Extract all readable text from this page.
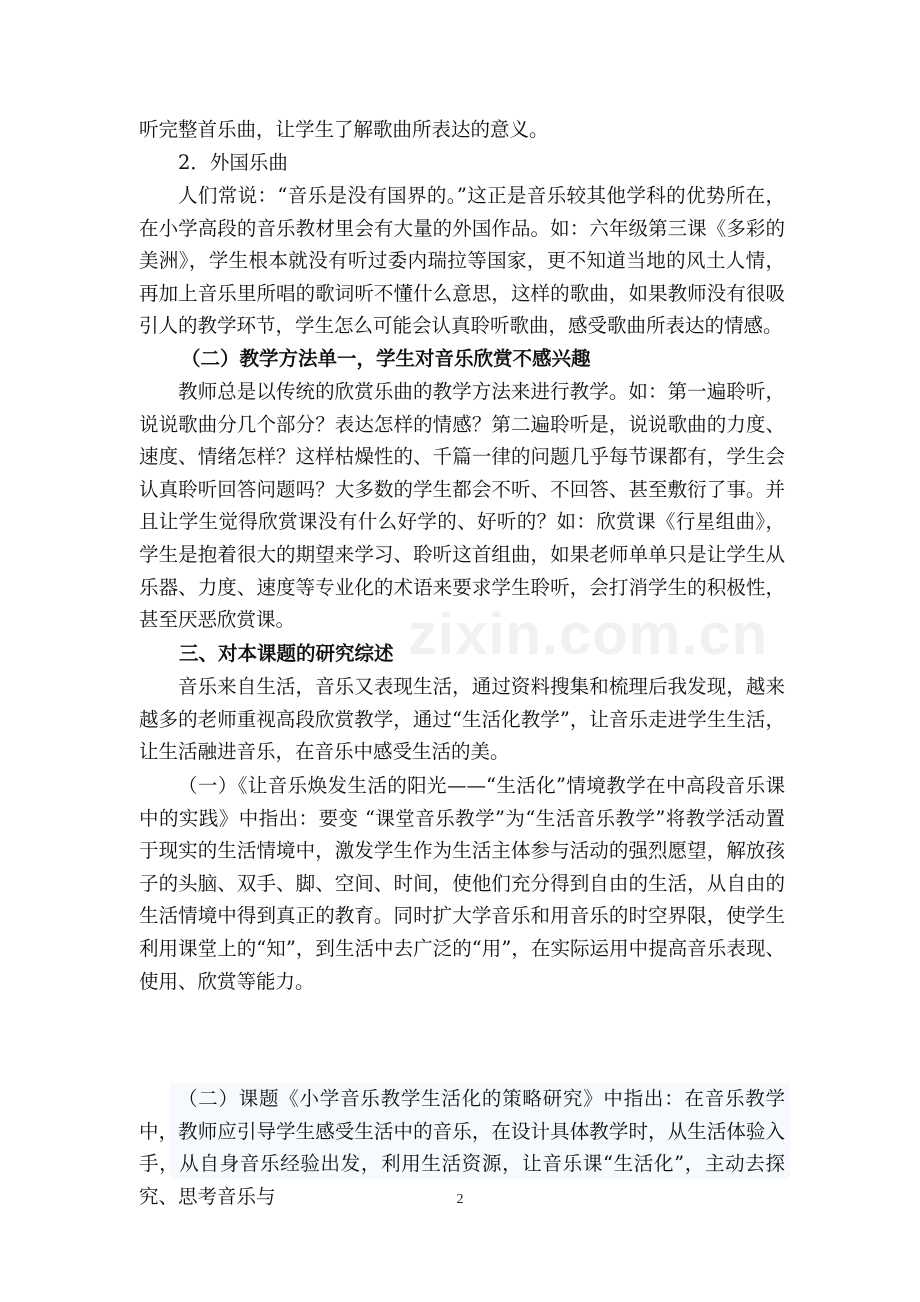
听完整首乐曲，让学生了解歌曲所表达的意义。

2．外国乐曲

人们常说：“音乐是没有国界的。”这正是音乐较其他学科的优势所在，在小学高段的音乐教材里会有大量的外国作品。如：六年级第三课《多彩的美洲》，学生根本就没有听过委内瑞拉等国家，更不知道当地的风土人情，再加上音乐里所唱的歌词听不懂什么意思，这样的歌曲，如果教师没有很吸引人的教学环节，学生怎么可能会认真聆听歌曲，感受歌曲所表达的情感。

（二）教学方法单一，学生对音乐欣赏不感兴趣

教师总是以传统的欣赏乐曲的教学方法来进行教学。如：第一遍聆听，说说歌曲分几个部分？表达怎样的情感？第二遍聆听是，说说歌曲的力度、速度、情绪怎样？这样枯燥性的、千篇一律的问题几乎每节课都有，学生会认真聆听回答问题吗？大多数的学生都会不听、不回答、甚至敷衍了事。并且让学生觉得欣赏课没有什么好学的、好听的？如：欣赏课《行星组曲》，学生是抱着很大的期望来学习、聆听这首组曲，如果老师单单只是让学生从乐器、力度、速度等专业化的术语来要求学生聆听，会打消学生的积极性，甚至厌恶欣赏课。

三、对本课题的研究综述

音乐来自生活，音乐又表现生活，通过资料搜集和梳理后我发现，越来越多的老师重视高段欣赏教学，通过“生活化教学”，让音乐走进学生生活，让生活融进音乐，在音乐中感受生活的美。

（一）《让音乐焕发生活的阳光——“生活化”情境教学在中高段音乐课中的实践》中指出：要变 “课堂音乐教学”为“生活音乐教学”将教学活动置于现实的生活情境中，激发学生作为生活主体参与活动的强烈愿望，解放孩子的头脑、双手、脚、空间、时间，使他们充分得到自由的生活，从自由的生活情境中得到真正的教育。同时扩大学音乐和用音乐的时空界限，使学生利用课堂上的“知”，到生活中去广泛的“用”，在实际运用中提高音乐表现、使用、欣赏等能力。

（二）课题《小学音乐教学生活化的策略研究》中指出：在音乐教学中，教师应引导学生感受生活中的音乐，在设计具体教学时，从生活体验入手，从自身音乐经验出发，利用生活资源，让音乐课“生活化”，主动去探究、思考音乐与

zixin.com.cn
2
